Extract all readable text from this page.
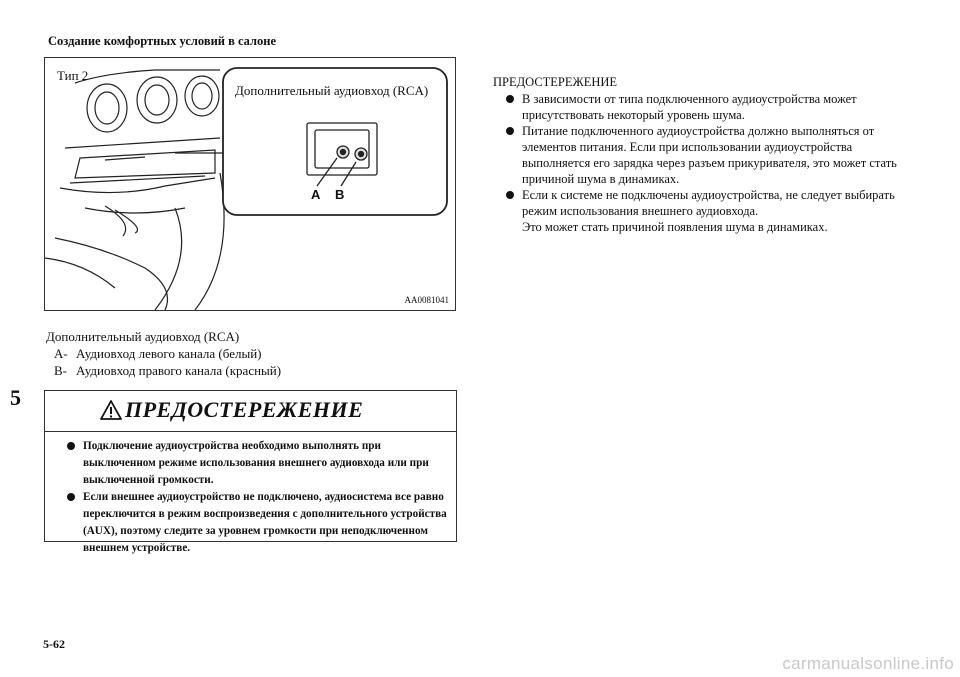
Создание комфортных условий в салоне
Тип 2
Дополнительный аудиовход (RCA)
A B
AA0081041
Дополнительный аудиовход (RCA)
A- Аудиовход левого канала (белый)
B- Аудиовход правого канала (красный)
5	ПРЕДОСТЕРЕЖЕНИЕ
Подключение аудиоустройства необходимо выполнять при выключенном режиме использования внешнего аудиовхода или при выключенной громкости.
Если внешнее аудиоустройство не подключено, аудиосистема все равно переключится в режим воспроизведения с дополнительного устройства (AUX), поэтому следите за уровнем громкости при неподключенном внешнем устройстве.
ПРЕДОСТЕРЕЖЕНИЕ
В зависимости от типа подключенного аудиоустройства может присутствовать некоторый уровень шума.
Питание подключенного аудиоустройства должно выполняться от элементов питания. Если при использовании аудиоустройства выполняется его зарядка через разъем прикуривателя, это может стать причиной шума в динамиках.
Если к системе не подключены аудиоустройства, не следует выбирать режим использования внешнего аудиовхода.
Это может стать причиной появления шума в динамиках.
5-62
carmanualsonline.info
